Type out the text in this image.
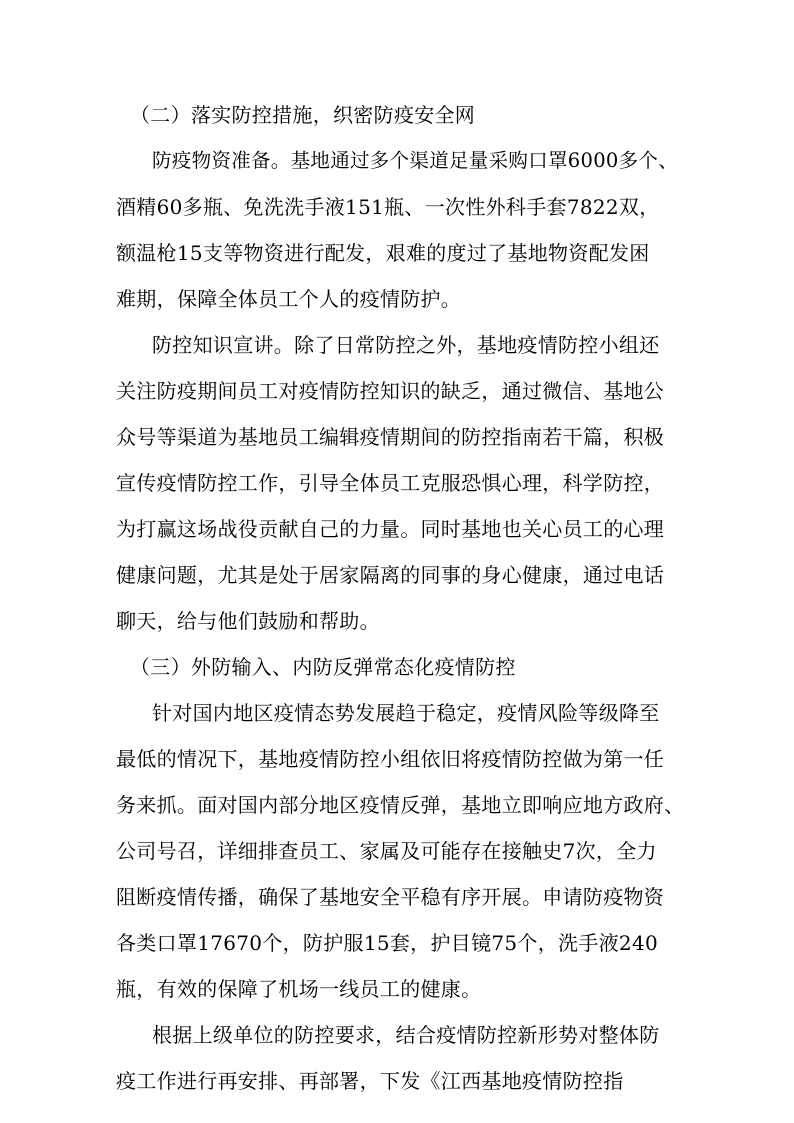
（二）落实防控措施，织密防疫安全网
防疫物资准备。基地通过多个渠道足量采购口罩6000多个、
酒精60多瓶、免洗洗手液151瓶、一次性外科手套7822双，
额温枪15支等物资进行配发，艰难的度过了基地物资配发困
难期，保障全体员工个人的疫情防护。
防控知识宣讲。除了日常防控之外，基地疫情防控小组还
关注防疫期间员工对疫情防控知识的缺乏，通过微信、基地公
众号等渠道为基地员工编辑疫情期间的防控指南若干篇，积极
宣传疫情防控工作，引导全体员工克服恐惧心理，科学防控，
为打赢这场战役贡献自己的力量。同时基地也关心员工的心理
健康问题，尤其是处于居家隔离的同事的身心健康，通过电话
聊天，给与他们鼓励和帮助。
（三）外防输入、内防反弹常态化疫情防控
针对国内地区疫情态势发展趋于稳定，疫情风险等级降至
最低的情况下，基地疫情防控小组依旧将疫情防控做为第一任
务来抓。面对国内部分地区疫情反弹，基地立即响应地方政府、
公司号召，详细排查员工、家属及可能存在接触史7次，全力
阻断疫情传播，确保了基地安全平稳有序开展。申请防疫物资
各类口罩17670个，防护服15套，护目镜75个，洗手液240
瓶，有效的保障了机场一线员工的健康。
根据上级单位的防控要求，结合疫情防控新形势对整体防
疫工作进行再安排、再部署，下发《江西基地疫情防控指
